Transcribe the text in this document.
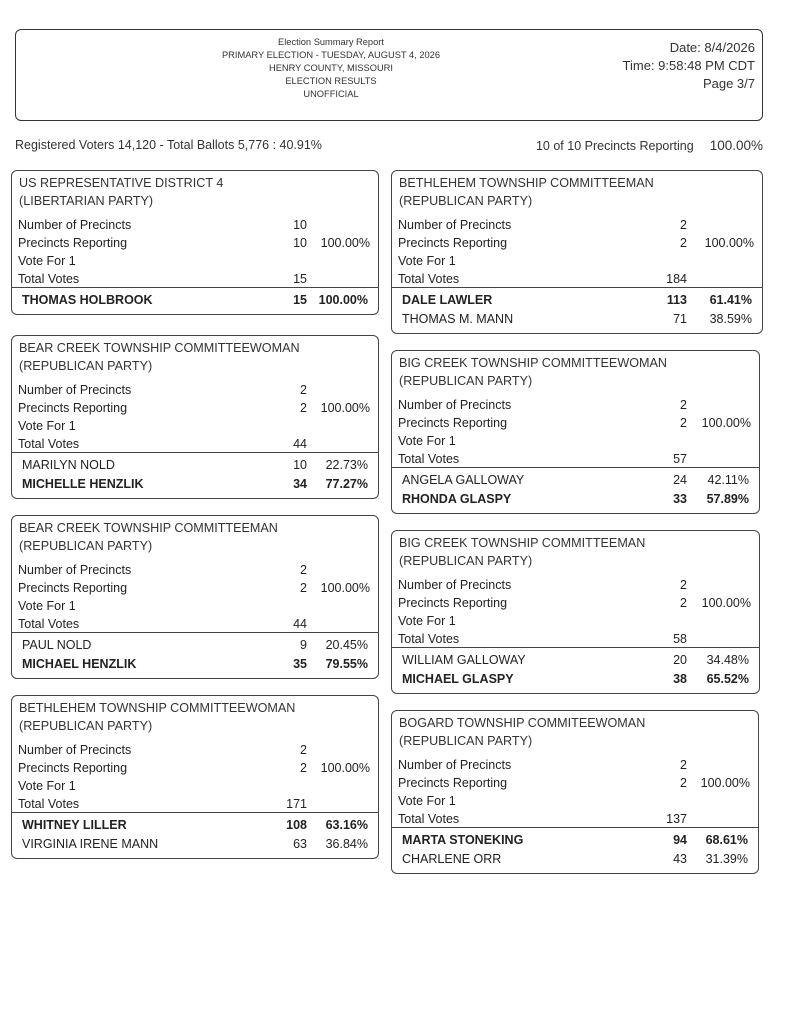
Election Summary Report
PRIMARY ELECTION - TUESDAY, AUGUST 4, 2026
HENRY COUNTY, MISSOURI
ELECTION RESULTS
UNOFFICIAL
Date: 8/4/2026
Time: 9:58:48 PM CDT
Page 3/7
Registered Voters 14,120 - Total Ballots 5,776 : 40.91%	10 of 10 Precincts Reporting 100.00%
US REPRESENTATIVE DISTRICT 4
(LIBERTARIAN PARTY)
Number of Precincts	10
Precincts Reporting	10 100.00%
Vote For 1
Total Votes	15
THOMAS HOLBROOK	15 100.00%
BEAR CREEK TOWNSHIP COMMITTEEWOMAN
(REPUBLICAN PARTY)
Number of Precincts	2
Precincts Reporting	2 100.00%
Vote For 1
Total Votes	44
MARILYN NOLD	10 22.73%
MICHELLE HENZLIK	34 77.27%
BEAR CREEK TOWNSHIP COMMITTEEMAN
(REPUBLICAN PARTY)
Number of Precincts	2
Precincts Reporting	2 100.00%
Vote For 1
Total Votes	44
PAUL NOLD	9 20.45%
MICHAEL HENZLIK	35 79.55%
BETHLEHEM TOWNSHIP COMMITTEEWOMAN
(REPUBLICAN PARTY)
Number of Precincts	2
Precincts Reporting	2 100.00%
Vote For 1
Total Votes	171
WHITNEY LILLER	108 63.16%
VIRGINIA IRENE MANN	63 36.84%
BETHLEHEM TOWNSHIP COMMITTEEMAN
(REPUBLICAN PARTY)
Number of Precincts	2
Precincts Reporting	2 100.00%
Vote For 1
Total Votes	184
DALE LAWLER	113 61.41%
THOMAS M. MANN	71 38.59%
BIG CREEK TOWNSHIP COMMITTEEWOMAN
(REPUBLICAN PARTY)
Number of Precincts	2
Precincts Reporting	2 100.00%
Vote For 1
Total Votes	57
ANGELA GALLOWAY	24 42.11%
RHONDA GLASPY	33 57.89%
BIG CREEK TOWNSHIP COMMITTEEMAN
(REPUBLICAN PARTY)
Number of Precincts	2
Precincts Reporting	2 100.00%
Vote For 1
Total Votes	58
WILLIAM GALLOWAY	20 34.48%
MICHAEL GLASPY	38 65.52%
BOGARD TOWNSHIP COMMITEEWOMAN
(REPUBLICAN PARTY)
Number of Precincts	2
Precincts Reporting	2 100.00%
Vote For 1
Total Votes	137
MARTA STONEKING	94 68.61%
CHARLENE ORR	43 31.39%
